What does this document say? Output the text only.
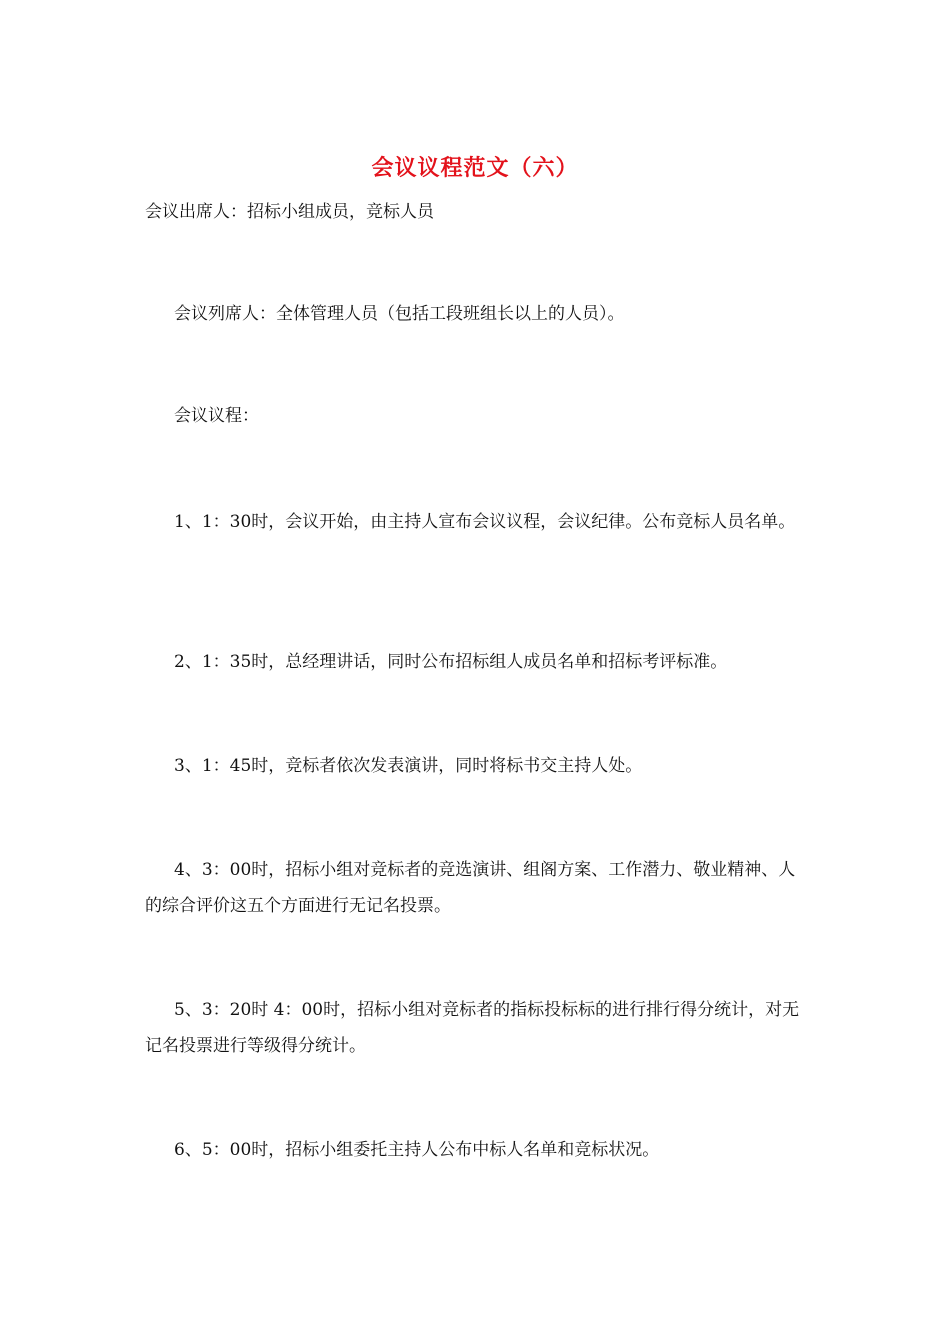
会议议程范文（六）
会议出席人：招标小组成员，竞标人员
会议列席人：全体管理人员（包括工段班组长以上的人员）。
会议议程：
1、1：30时，会议开始，由主持人宣布会议议程，会议纪律。公布竞标人员名单。
2、1：35时，总经理讲话，同时公布招标组人成员名单和招标考评标准。
3、1：45时，竞标者依次发表演讲，同时将标书交主持人处。
4、3：00时，招标小组对竞标者的竞选演讲、组阁方案、工作潜力、敬业精神、人的综合评价这五个方面进行无记名投票。
5、3：20时 4：00时，招标小组对竞标者的指标投标标的进行排行得分统计，对无记名投票进行等级得分统计。
6、5：00时，招标小组委托主持人公布中标人名单和竞标状况。
